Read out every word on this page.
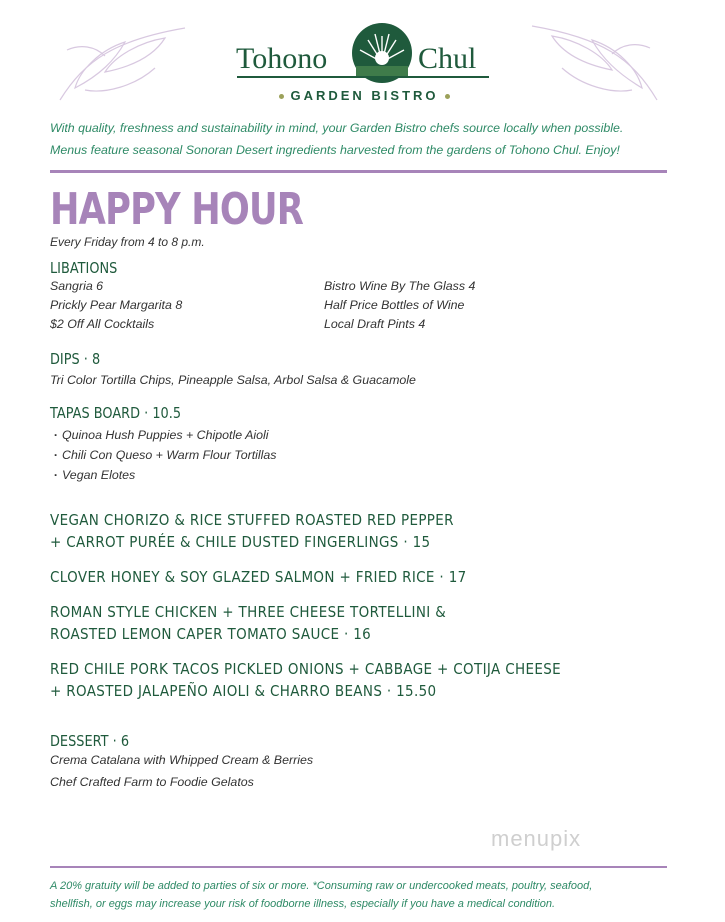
Tohono	Chul
GARDEN BISTRO
With quality, freshness and sustainability in mind, your Garden Bistro chefs source locally when possible.
Menus feature seasonal Sonoran Desert ingredients harvested from the gardens of Tohono Chul. Enjoy!
HAPPY HOUR
Every Friday from 4 to 8 p.m.
LIBATIONS
Sangria 6
Prickly Pear Margarita 8
$2 Off All Cocktails
Bistro Wine By The Glass 4
Half Price Bottles of Wine
Local Draft Pints 4
DIPS · 8
Tri Color Tortilla Chips, Pineapple Salsa, Arbol Salsa & Guacamole
TAPAS BOARD · 10.5
· Quinoa Hush Puppies + Chipotle Aioli
· Chili Con Queso + Warm Flour Tortillas
· Vegan Elotes
VEGAN CHORIZO & RICE STUFFED ROASTED RED PEPPER
+ CARROT PURÉE & CHILE DUSTED FINGERLINGS · 15
CLOVER HONEY & SOY GLAZED SALMON + FRIED RICE · 17
ROMAN STYLE CHICKEN + THREE CHEESE TORTELLINI &
ROASTED LEMON CAPER TOMATO SAUCE · 16
RED CHILE PORK TACOS PICKLED ONIONS + CABBAGE + COTIJA CHEESE
+ ROASTED JALAPEÑO AIOLI & CHARRO BEANS · 15.50
DESSERT · 6
Crema Catalana with Whipped Cream & Berries
Chef Crafted Farm to Foodie Gelatos
menupix
A 20% gratuity will be added to parties of six or more. *Consuming raw or undercooked meats, poultry, seafood,
shellfish, or eggs may increase your risk of foodborne illness, especially if you have a medical condition.
